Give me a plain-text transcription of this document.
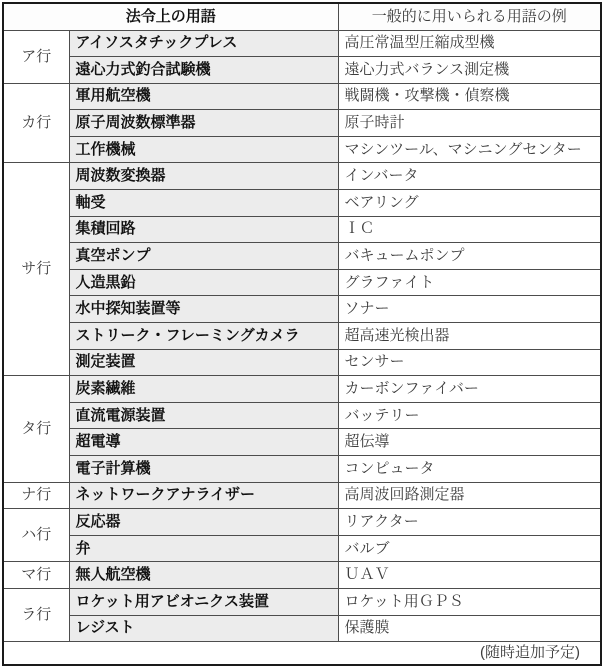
法令上の用語		一般的に用いられる用語の例
ア行	アイソスタチックプレス	高圧常温型圧縮成型機
	遠心力式釣合試験機	遠心力式バランス測定機
カ行	軍用航空機	戦闘機・攻撃機・偵察機
	原子周波数標準器	原子時計
	工作機械	マシンツール、マシニングセンター
サ行	周波数変換器	インバータ
	軸受	ベアリング
	集積回路	ＩＣ
	真空ポンプ	バキュームポンプ
	人造黒鉛	グラファイト
	水中探知装置等	ソナー
	ストリーク・フレーミングカメラ	超高速光検出器
	測定装置	センサー
タ行	炭素繊維	カーボンファイバー
	直流電源装置	バッテリー
	超電導	超伝導
	電子計算機	コンピュータ
ナ行	ネットワークアナライザー	高周波回路測定器
ハ行	反応器	リアクター
	弁	バルブ
マ行	無人航空機	ＵＡＶ
ラ行	ロケット用アビオニクス装置	ロケット用ＧＰＳ
	レジスト	保護膜
(随時追加予定)		
